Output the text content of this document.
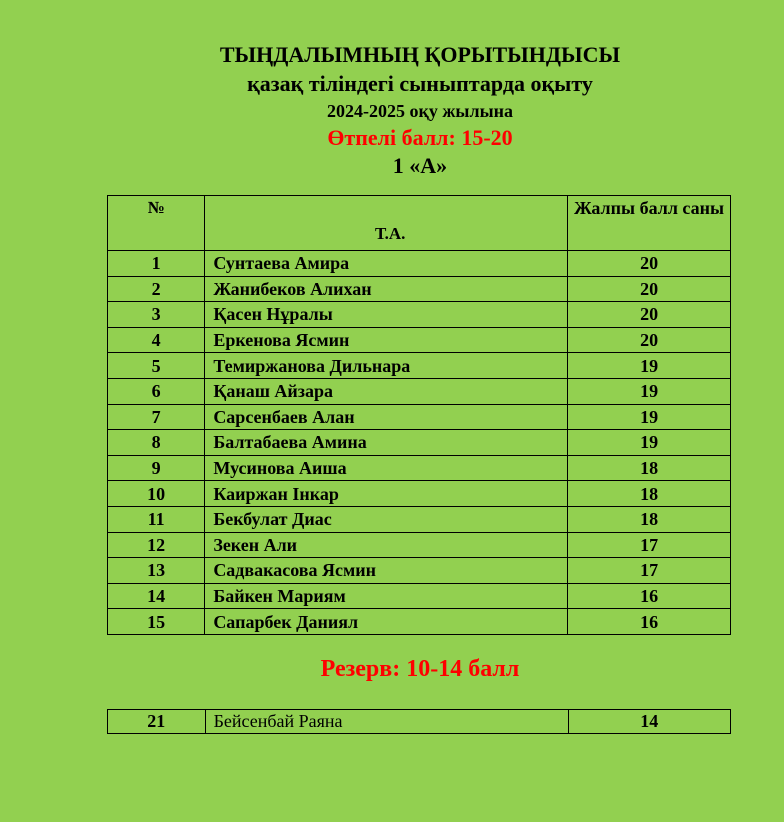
ТЫҢДАЛЫМНЫҢ ҚОРЫТЫНДЫСЫ
қазақ тіліндегі сыныптарда оқыту
2024-2025 оқу жылына
Өтпелі балл: 15-20
1 «А»
№	Т.А.	Жалпы балл саны
1	Сунтаева Амира	20
2	Жанибеков Алихан	20
3	Қасен Нұралы	20
4	Еркенова Ясмин	20
5	Темиржанова Дильнара	19
6	Қанаш Айзара	19
7	Сарсенбаев Алан	19
8	Балтабаева Амина	19
9	Мусинова Аиша	18
10	Каиржан Інкар	18
11	Бекбулат Диас	18
12	Зекен Али	17
13	Садвакасова Ясмин	17
14	Байкен Мариям	16
15	Сапарбек Даниял	16
Резерв: 10-14 балл
21	Бейсенбай Раяна	14
